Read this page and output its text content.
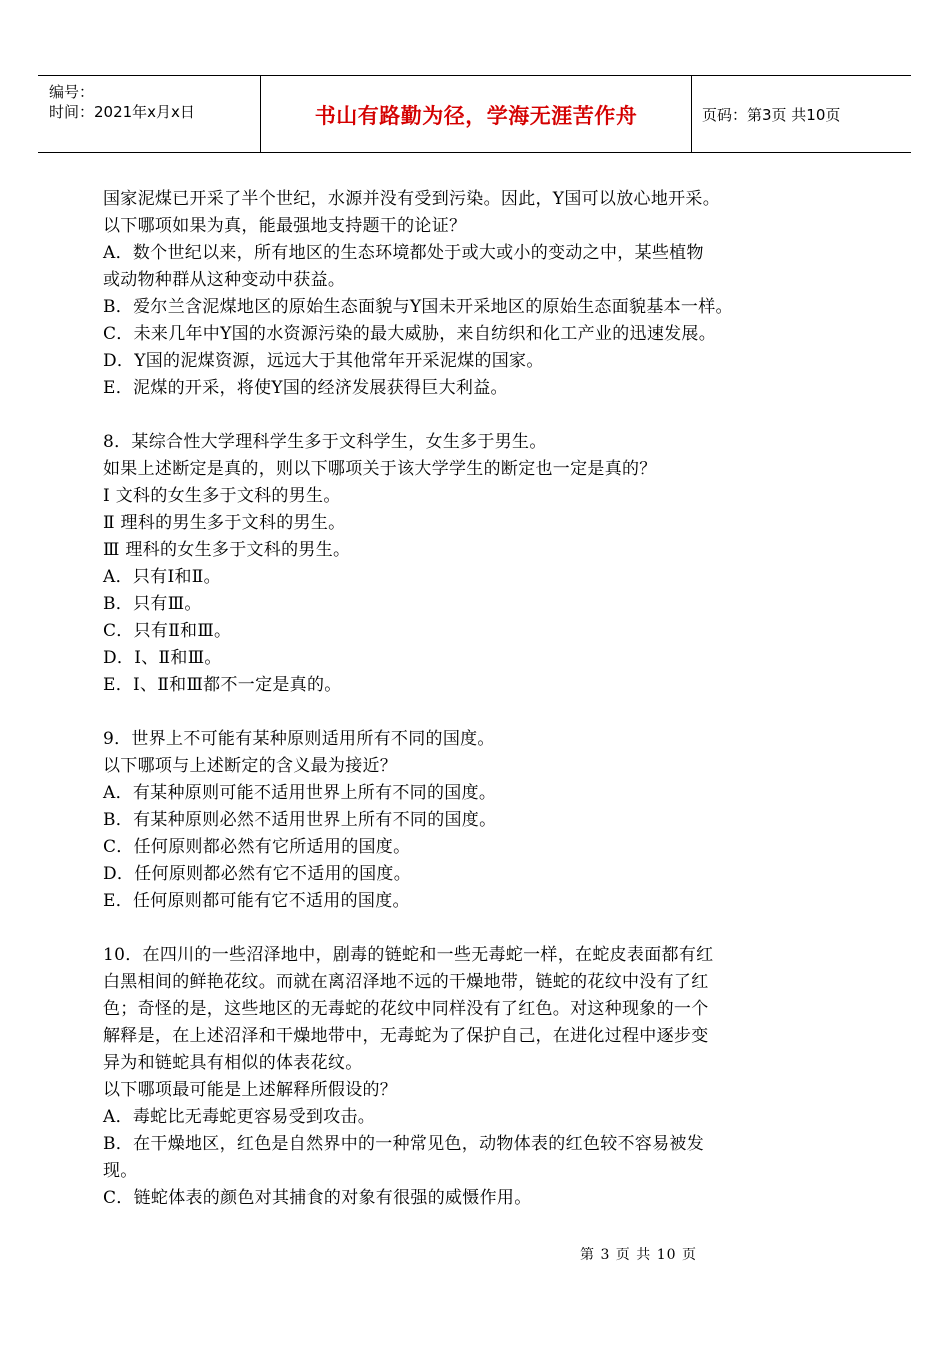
编号：
时间：2021年x月x日	书山有路勤为径，学海无涯苦作舟	页码：第3页 共10页
国家泥煤已开采了半个世纪，水源并没有受到污染。因此，Y国可以放心地开采。
以下哪项如果为真，能最强地支持题干的论证？
A．数个世纪以来，所有地区的生态环境都处于或大或小的变动之中，某些植物
或动物种群从这种变动中获益。
B．爱尔兰含泥煤地区的原始生态面貌与Y国未开采地区的原始生态面貌基本一样。
C．未来几年中Y国的水资源污染的最大威胁，来自纺织和化工产业的迅速发展。
D．Y国的泥煤资源，远远大于其他常年开采泥煤的国家。
E．泥煤的开采，将使Y国的经济发展获得巨大利益。
8．某综合性大学理科学生多于文科学生，女生多于男生。
如果上述断定是真的，则以下哪项关于该大学学生的断定也一定是真的？
Ⅰ 文科的女生多于文科的男生。
Ⅱ 理科的男生多于文科的男生。
Ⅲ 理科的女生多于文科的男生。
A．只有Ⅰ和Ⅱ。
B．只有Ⅲ。
C．只有Ⅱ和Ⅲ。
D．Ⅰ、Ⅱ和Ⅲ。
E．Ⅰ、Ⅱ和Ⅲ都不一定是真的。
9．世界上不可能有某种原则适用所有不同的国度。
以下哪项与上述断定的含义最为接近？
A．有某种原则可能不适用世界上所有不同的国度。
B．有某种原则必然不适用世界上所有不同的国度。
C．任何原则都必然有它所适用的国度。
D．任何原则都必然有它不适用的国度。
E．任何原则都可能有它不适用的国度。
10．在四川的一些沼泽地中，剧毒的链蛇和一些无毒蛇一样，在蛇皮表面都有红
白黑相间的鲜艳花纹。而就在离沼泽地不远的干燥地带，链蛇的花纹中没有了红
色；奇怪的是，这些地区的无毒蛇的花纹中同样没有了红色。对这种现象的一个
解释是，在上述沼泽和干燥地带中，无毒蛇为了保护自己，在进化过程中逐步变
异为和链蛇具有相似的体表花纹。
以下哪项最可能是上述解释所假设的？
A．毒蛇比无毒蛇更容易受到攻击。
B．在干燥地区，红色是自然界中的一种常见色，动物体表的红色较不容易被发
现。
C．链蛇体表的颜色对其捕食的对象有很强的威慑作用。
第 3 页 共 10 页
